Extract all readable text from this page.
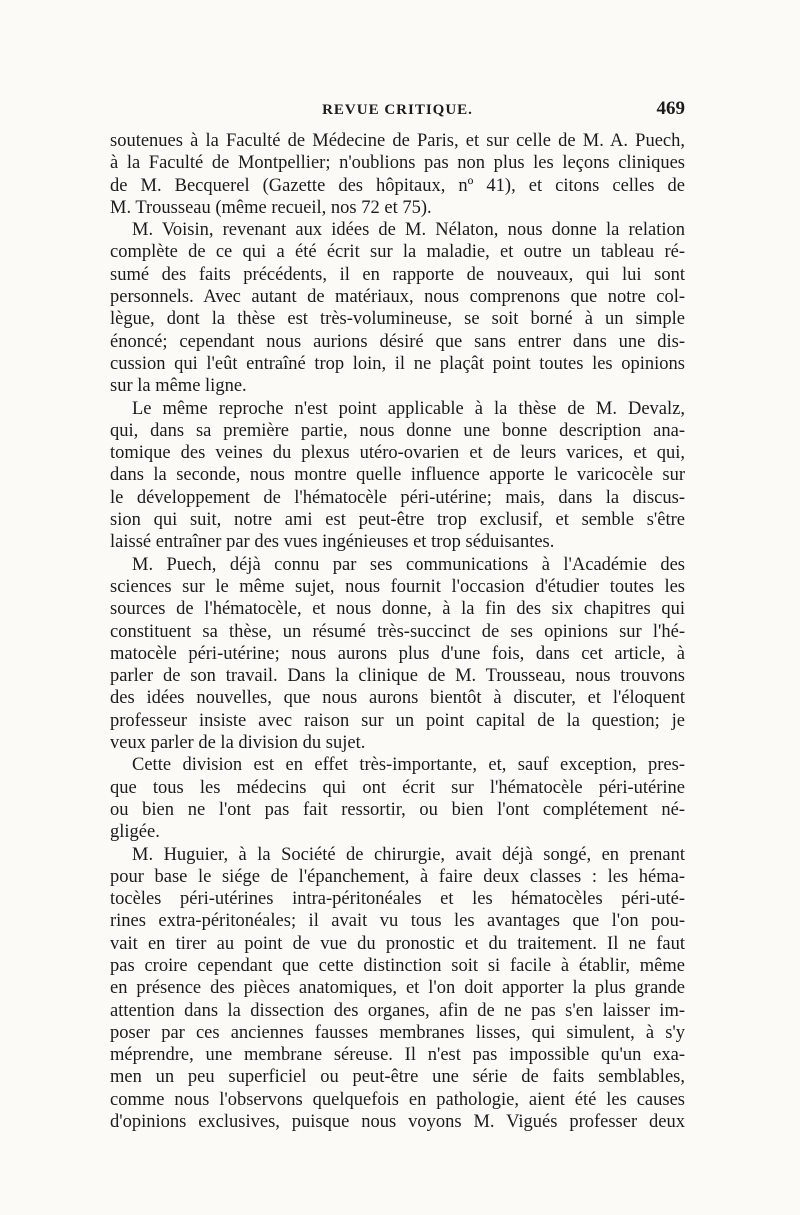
REVUE CRITIQUE.	469
soutenues à la Faculté de Médecine de Paris, et sur celle de M. A. Puech,
à la Faculté de Montpellier; n'oublions pas non plus les leçons cliniques
de M. Becquerel (Gazette des hôpitaux, nº 41), et citons celles de
M. Trousseau (même recueil, nos 72 et 75).
M. Voisin, revenant aux idées de M. Nélaton, nous donne la relation
complète de ce qui a été écrit sur la maladie, et outre un tableau ré-
sumé des faits précédents, il en rapporte de nouveaux, qui lui sont
personnels. Avec autant de matériaux, nous comprenons que notre col-
lègue, dont la thèse est très-volumineuse, se soit borné à un simple
énoncé; cependant nous aurions désiré que sans entrer dans une dis-
cussion qui l'eût entraîné trop loin, il ne plaçât point toutes les opinions
sur la même ligne.
Le même reproche n'est point applicable à la thèse de M. Devalz,
qui, dans sa première partie, nous donne une bonne description ana-
tomique des veines du plexus utéro-ovarien et de leurs varices, et qui,
dans la seconde, nous montre quelle influence apporte le varicocèle sur
le développement de l'hématocèle péri-utérine; mais, dans la discus-
sion qui suit, notre ami est peut-être trop exclusif, et semble s'être
laissé entraîner par des vues ingénieuses et trop séduisantes.
M. Puech, déjà connu par ses communications à l'Académie des
sciences sur le même sujet, nous fournit l'occasion d'étudier toutes les
sources de l'hématocèle, et nous donne, à la fin des six chapitres qui
constituent sa thèse, un résumé très-succinct de ses opinions sur l'hé-
matocèle péri-utérine; nous aurons plus d'une fois, dans cet article, à
parler de son travail. Dans la clinique de M. Trousseau, nous trouvons
des idées nouvelles, que nous aurons bientôt à discuter, et l'éloquent
professeur insiste avec raison sur un point capital de la question; je
veux parler de la division du sujet.
Cette division est en effet très-importante, et, sauf exception, pres-
que tous les médecins qui ont écrit sur l'hématocèle péri-utérine
ou bien ne l'ont pas fait ressortir, ou bien l'ont complétement né-
gligée.
M. Huguier, à la Société de chirurgie, avait déjà songé, en prenant
pour base le siége de l'épanchement, à faire deux classes : les héma-
tocèles péri-utérines intra-péritonéales et les hématocèles péri-uté-
rines extra-péritonéales; il avait vu tous les avantages que l'on pou-
vait en tirer au point de vue du pronostic et du traitement. Il ne faut
pas croire cependant que cette distinction soit si facile à établir, même
en présence des pièces anatomiques, et l'on doit apporter la plus grande
attention dans la dissection des organes, afin de ne pas s'en laisser im-
poser par ces anciennes fausses membranes lisses, qui simulent, à s'y
méprendre, une membrane séreuse. Il n'est pas impossible qu'un exa-
men un peu superficiel ou peut-être une série de faits semblables,
comme nous l'observons quelquefois en pathologie, aient été les causes
d'opinions exclusives, puisque nous voyons M. Vigués professer deux
